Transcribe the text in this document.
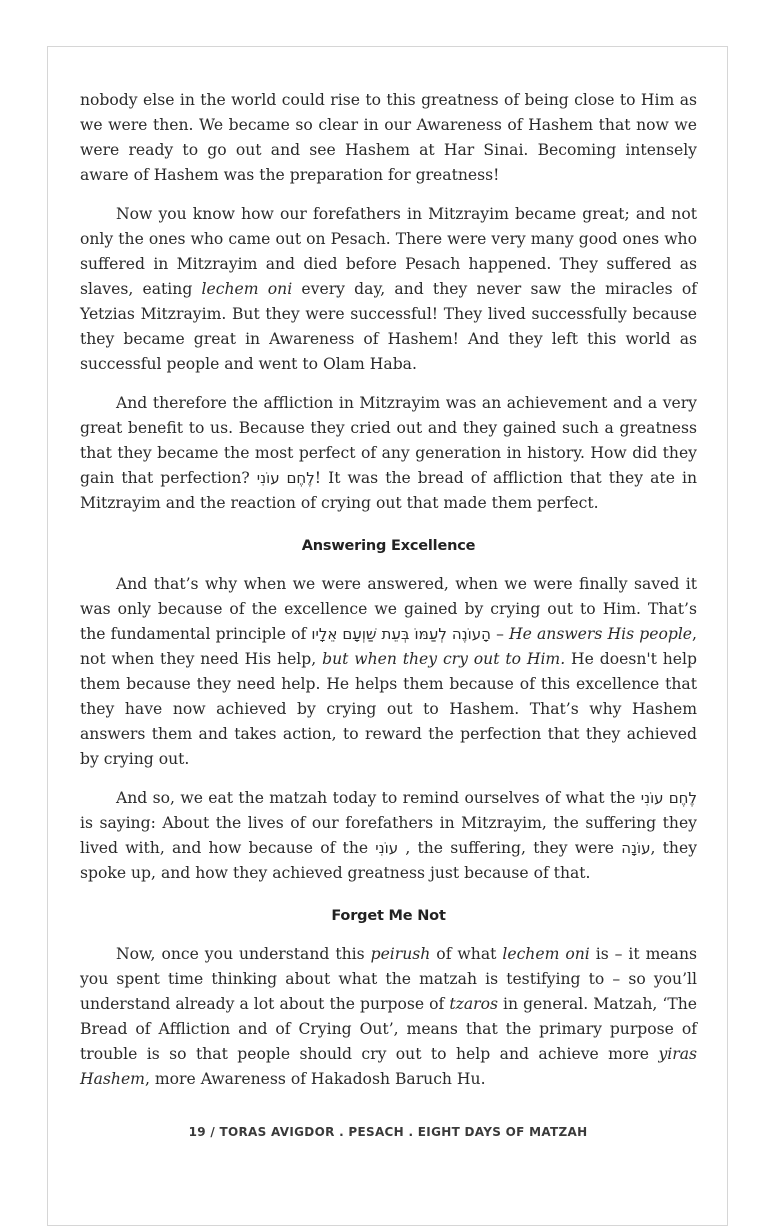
nobody else in the world could rise to this greatness of being close to Him as we were then. We became so clear in our Awareness of Hashem that now we were ready to go out and see Hashem at Har Sinai. Becoming intensely aware of Hashem was the preparation for greatness!

Now you know how our forefathers in Mitzrayim became great; and not only the ones who came out on Pesach. There were very many good ones who suffered in Mitzrayim and died before Pesach happened. They suffered as slaves, eating lechem oni every day, and they never saw the miracles of Yetzias Mitzrayim. But they were successful! They lived successfully because they became great in Awareness of Hashem! And they left this world as successful people and went to Olam Haba.

And therefore the affliction in Mitzrayim was an achievement and a very great benefit to us. Because they cried out and they gained such a greatness that they became the most perfect of any generation in history. How did they gain that perfection? לֶחֶם עוֹנִי! It was the bread of affliction that they ate in Mitzrayim and the reaction of crying out that made them perfect.

Answering Excellence

And that’s why when we were answered, when we were finally saved it was only because of the excellence we gained by crying out to Him. That’s the fundamental principle of הָעוֹנֶה לְעַמּוֹ בְּעֵת שַׁוְעָם אֵלָיו – He answers His people, not when they need His help, but when they cry out to Him. He doesn't help them because they need help. He helps them because of this excellence that they have now achieved by crying out to Hashem. That’s why Hashem answers them and takes action, to reward the perfection that they achieved by crying out.

And so, we eat the matzah today to remind ourselves of what the לֶחֶם עוֹנִי is saying: About the lives of our forefathers in Mitzrayim, the suffering they lived with, and how because of the עוֹנִי , the suffering, they were עוֹנָה, they spoke up, and how they achieved greatness just because of that.

Forget Me Not

Now, once you understand this peirush of what lechem oni is – it means you spent time thinking about what the matzah is testifying to – so you’ll understand already a lot about the purpose of tzaros in general. Matzah, ‘The Bread of Affliction and of Crying Out’, means that the primary purpose of trouble is so that people should cry out to help and achieve more yiras Hashem, more Awareness of Hakadosh Baruch Hu.

19 / TORAS AVIGDOR . PESACH . EIGHT DAYS OF MATZAH
